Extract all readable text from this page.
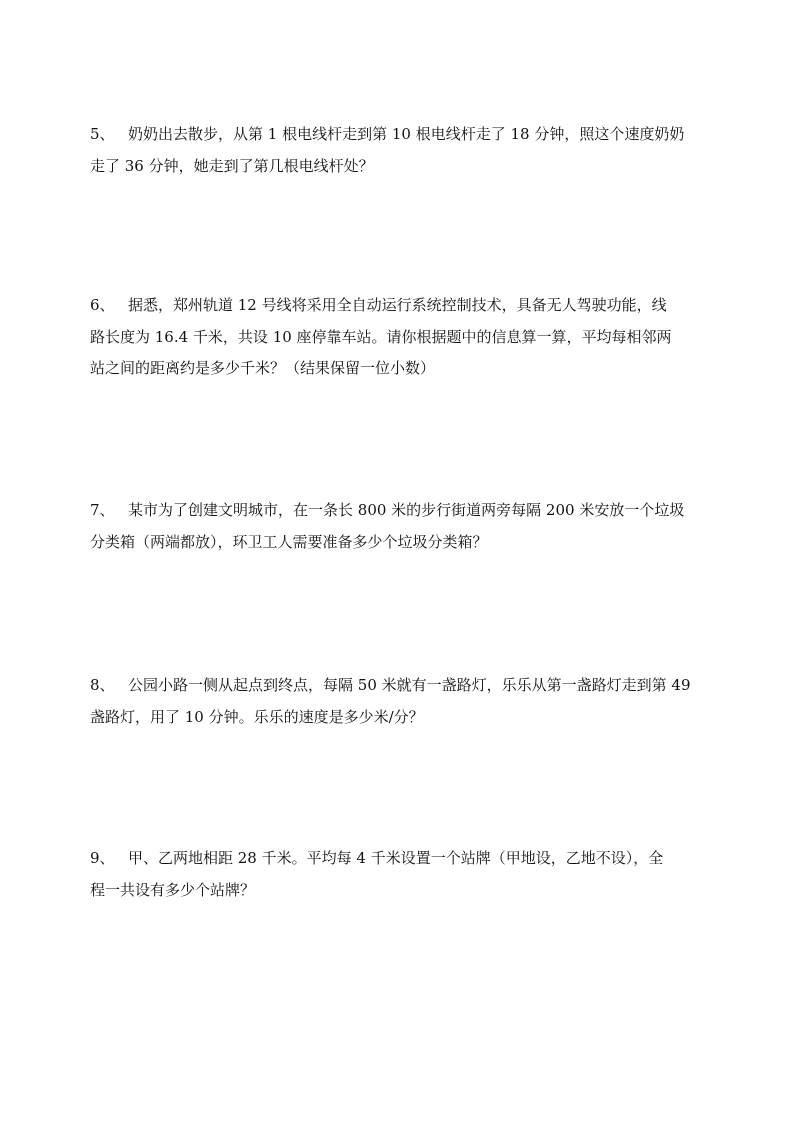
5、 奶奶出去散步，从第 1 根电线杆走到第 10 根电线杆走了 18 分钟，照这个速度奶奶
走了 36 分钟，她走到了第几根电线杆处？
6、 据悉，郑州轨道 12 号线将采用全自动运行系统控制技术，具备无人驾驶功能，线
路长度为 16.4 千米，共设 10 座停靠车站。请你根据题中的信息算一算，平均每相邻两
站之间的距离约是多少千米？（结果保留一位小数）
7、 某市为了创建文明城市，在一条长 800 米的步行街道两旁每隔 200 米安放一个垃圾
分类箱（两端都放），环卫工人需要准备多少个垃圾分类箱？
8、 公园小路一侧从起点到终点，每隔 50 米就有一盏路灯，乐乐从第一盏路灯走到第 49
盏路灯，用了 10 分钟。乐乐的速度是多少米/分？
9、 甲、乙两地相距 28 千米。平均每 4 千米设置一个站牌（甲地设，乙地不设），全
程一共设有多少个站牌？
